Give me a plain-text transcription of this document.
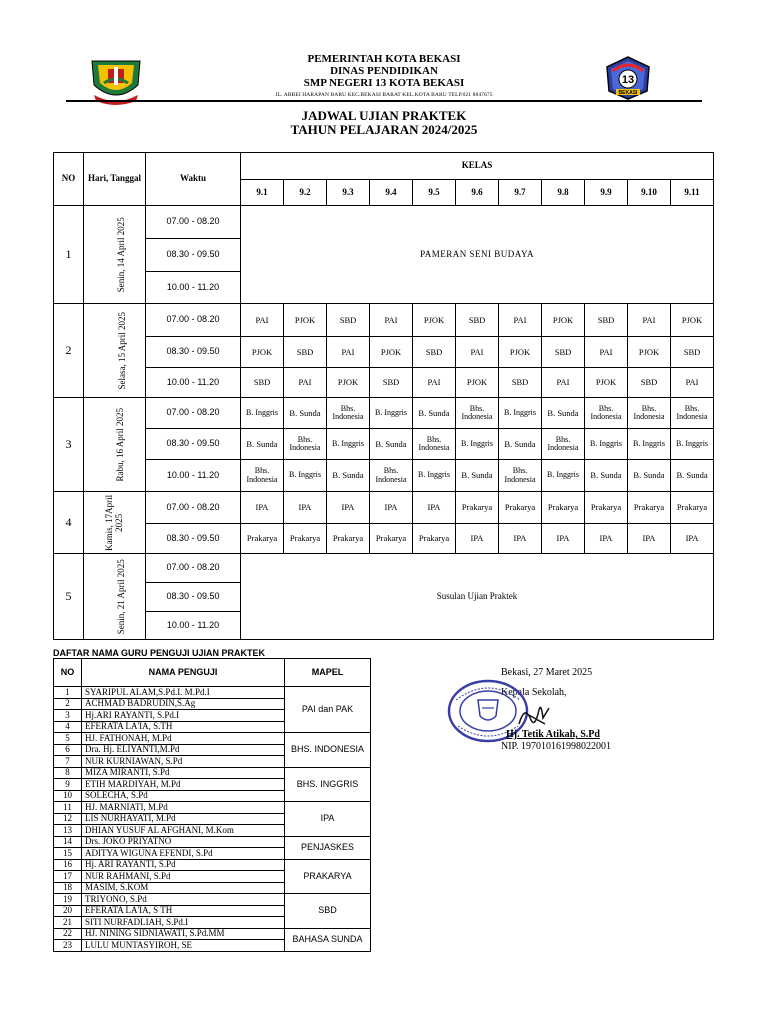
13
BEKASI
PEMERINTAH KOTA BEKASI
DINAS PENDIDIKAN
SMP NEGERI 13 KOTA BEKASI
JL. ARBEI HARAPAN BARU KEC.BEKASI BARAT KEL.KOTA BARU TELP.021 8847675
JADWAL UJIAN PRAKTEK
TAHUN PELAJARAN 2024/2025
NO	Hari, Tanggal	Waktu	KELAS										
			9.1	9.2	9.3	9.4	9.5	9.6	9.7	9.8	9.9	9.10	9.11
1	Senin, 14 April 2025	07.00 - 08.20	PAMERAN SENI BUDAYA										
		08.30 - 09.50											
		10.00 - 11.20											
2	Selasa, 15 April 2025	07.00 - 08.20	PAI	PJOK	SBD	PAI	PJOK	SBD	PAI	PJOK	SBD	PAI	PJOK
		08.30 - 09.50	PJOK	SBD	PAI	PJOK	SBD	PAI	PJOK	SBD	PAI	PJOK	SBD
		10.00 - 11.20	SBD	PAI	PJOK	SBD	PAI	PJOK	SBD	PAI	PJOK	SBD	PAI
3	Rabu, 16 April 2025	07.00 - 08.20	B. Inggris	B. Sunda	Bhs. Indonesia	B. Inggris	B. Sunda	Bhs. Indonesia	B. Inggris	B. Sunda	Bhs. Indonesia	Bhs. Indonesia	Bhs. Indonesia
		08.30 - 09.50	B. Sunda	Bhs. Indonesia	B. Inggris	B. Sunda	Bhs. Indonesia	B. Inggris	B. Sunda	Bhs. Indonesia	B. Inggris	B. Inggris	B. Inggris
		10.00 - 11.20	Bhs. Indonesia	B. Inggris	B. Sunda	Bhs. Indonesia	B. Inggris	B. Sunda	Bhs. Indonesia	B. Inggris	B. Sunda	B. Sunda	B. Sunda
4	Kamis, 17April 2025	07.00 - 08.20	IPA	IPA	IPA	IPA	IPA	Prakarya	Prakarya	Prakarya	Prakarya	Prakarya	Prakarya
		08.30 - 09.50	Prakarya	Prakarya	Prakarya	Prakarya	Prakarya	IPA	IPA	IPA	IPA	IPA	IPA
5	Senin, 21 April 2025	07.00 - 08.20	Susulan Ujian Praktek										
		08.30 - 09.50											
		10.00 - 11.20											
DAFTAR NAMA GURU PENGUJI UJIAN PRAKTEK
NO	NAMA PENGUJI	MAPEL
1	SYARIPUL ALAM,S.Pd.I. M.Pd.I	PAI dan PAK
2	ACHMAD BADRUDIN,S.Ag	
3	Hj.ARI RAYANTI, S.Pd.I	
4	EFERATA LA'IA, S.TH	
5	HJ. FATHONAH, M.Pd	BHS. INDONESIA
6	Dra. Hj. ELIYANTI,M.Pd	
7	NUR KURNIAWAN, S.Pd	
8	MIZA MIRANTI, S.Pd	BHS. INGGRIS
9	ETIH MARDIYAH, M.Pd	
10	SOLECHA, S.Pd	
11	HJ. MARNIATI, M.Pd	IPA
12	LIS NURHAYATI, M.Pd	
13	DHIAN YUSUF AL AFGHANI, M.Kom	
14	Drs. JOKO PRIYATNO	PENJASKES
15	ADITYA WIGUNA EFENDI, S.Pd	
16	Hj. ARI RAYANTI, S.Pd	PRAKARYA
17	NUR RAHMANI, S.Pd	
18	MASIM, S.KOM	
19	TRIYONO, S.Pd	SBD
20	EFERATA LA'IA, S TH	
21	SITI NURFADLIAH, S.Pd.I	
22	HJ. NINING SIDNIAWATI, S.Pd.MM	BAHASA SUNDA
23	LULU MUNTASYIROH, SE	
Bekasi, 27 Maret 2025
Kepala Sekolah,
Hj. Tetik Atikah, S.Pd
NIP. 197010161998022001
